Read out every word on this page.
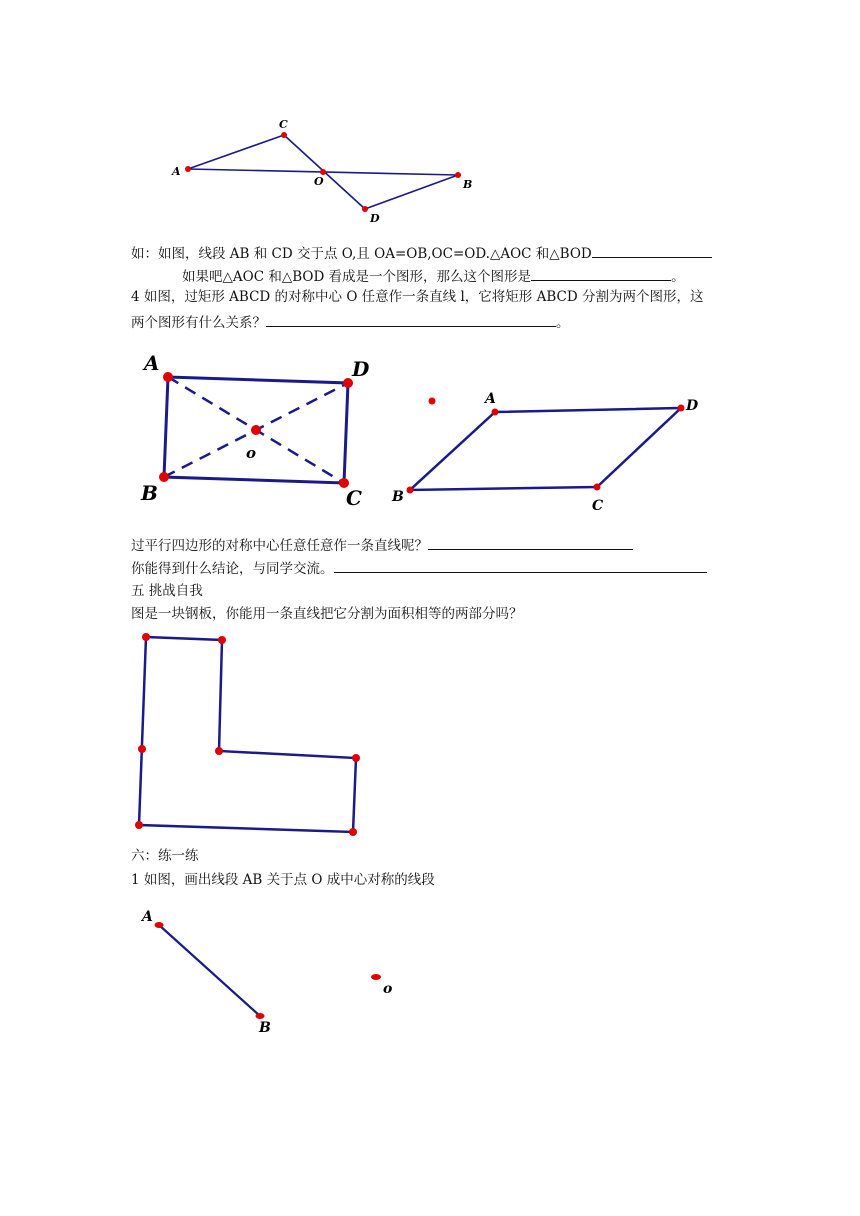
A
C
O	B
D
如：如图，线段 AB 和 CD 交于点 O,且 OA=OB,OC=OD.△AOC 和△BOD
如果吧△AOC 和△BOD 看成是一个图形，那么这个图形是	。
4 如图，过矩形 ABCD 的对称中心 O 任意作一条直线 l，它将矩形 ABCD 分割为两个图形，这
两个图形有什么关系？	。
A	D
B	C
o
A	D
B
C
过平行四边形的对称中心任意任意作一条直线呢？
你能得到什么结论，与同学交流。
五 挑战自我
图是一块钢板，你能用一条直线把它分割为面积相等的两部分吗？
六：练一练
1 如图，画出线段 AB 关于点 O 成中心对称的线段
A
B
o
